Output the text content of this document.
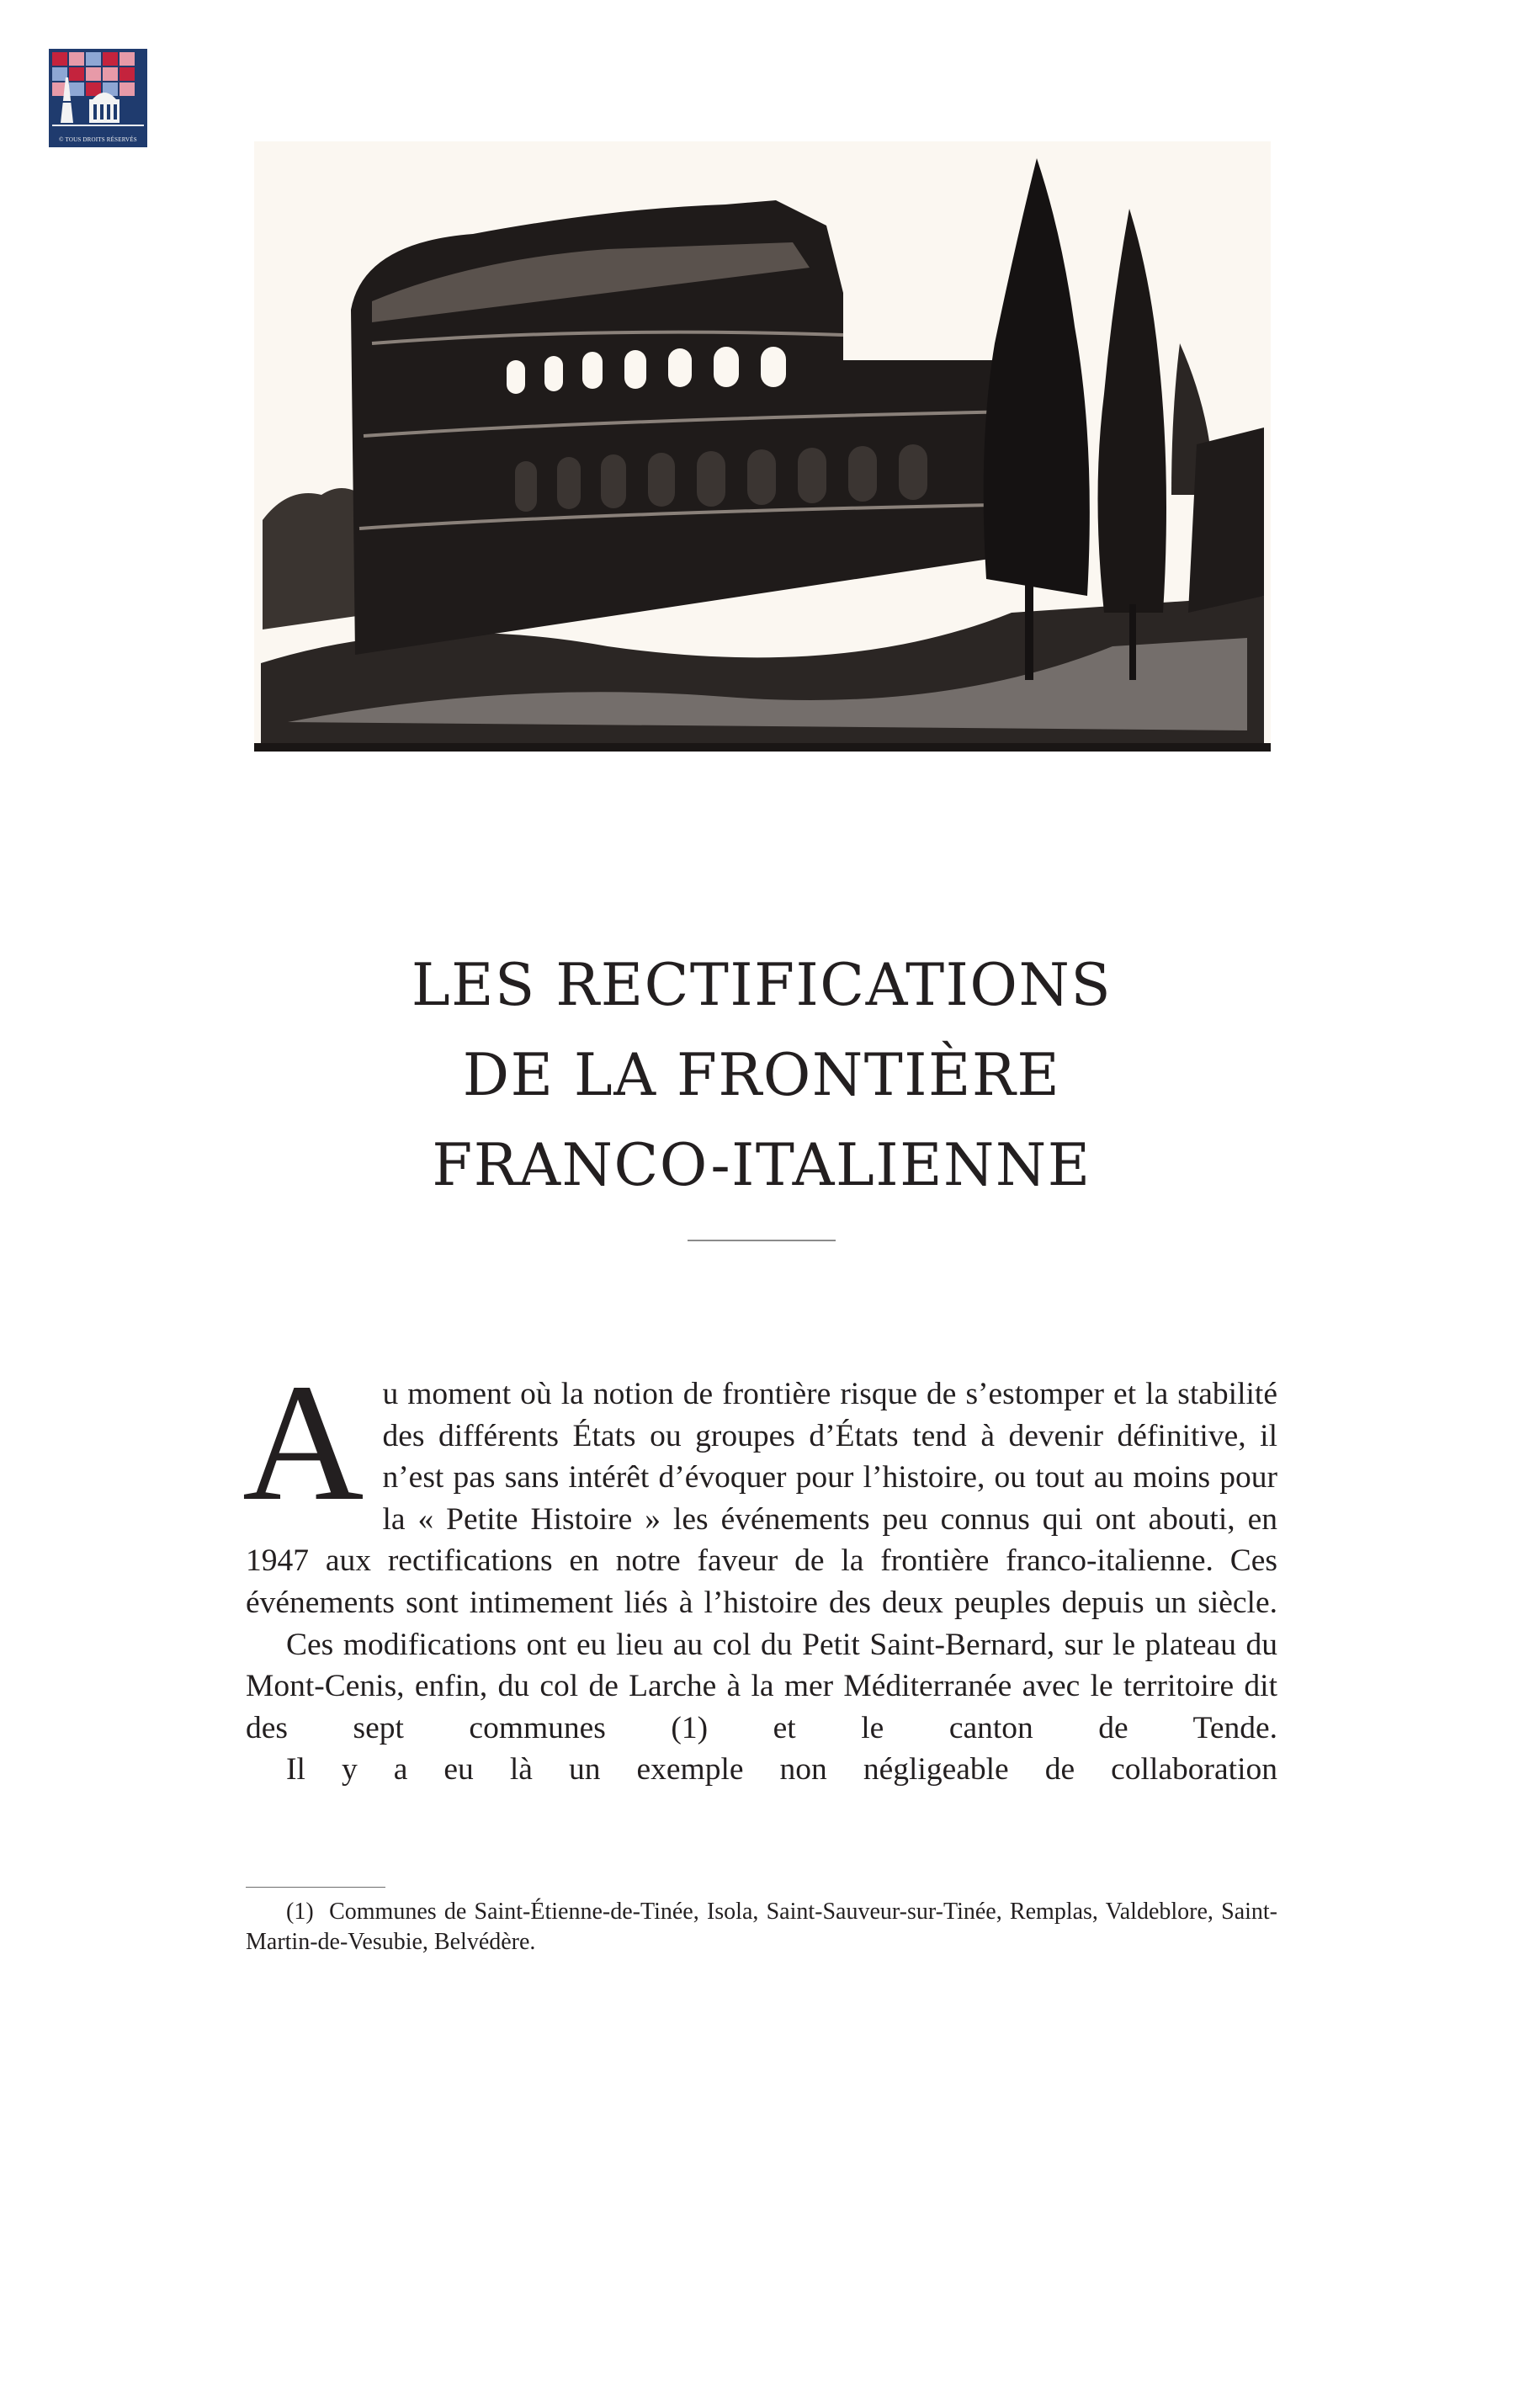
© TOUS DROITS RÉSERVÉS
LES RECTIFICATIONS
DE LA FRONTIÈRE
FRANCO-ITALIENNE

Au moment où la notion de frontière risque de s’estomper et la stabilité des différents États ou groupes d’États tend à devenir définitive, il n’est pas sans intérêt d’évoquer pour l’histoire, ou tout au moins pour la « Petite Histoire » les événements peu connus qui ont abouti, en 1947 aux rectifications en notre faveur de la frontière franco-italienne. Ces événements sont intimement liés à l’histoire des deux peuples depuis un siècle.

Ces modifications ont eu lieu au col du Petit Saint-Bernard, sur le plateau du Mont-Cenis, enfin, du col de Larche à la mer Méditerranée avec le territoire dit des sept communes (1) et le canton de Tende.

Il y a eu là un exemple non négligeable de collaboration

(1) Communes de Saint-Étienne-de-Tinée, Isola, Saint-Sauveur-sur-Tinée, Remplas, Valdeblore, Saint-Martin-de-Vesubie, Belvédère.
